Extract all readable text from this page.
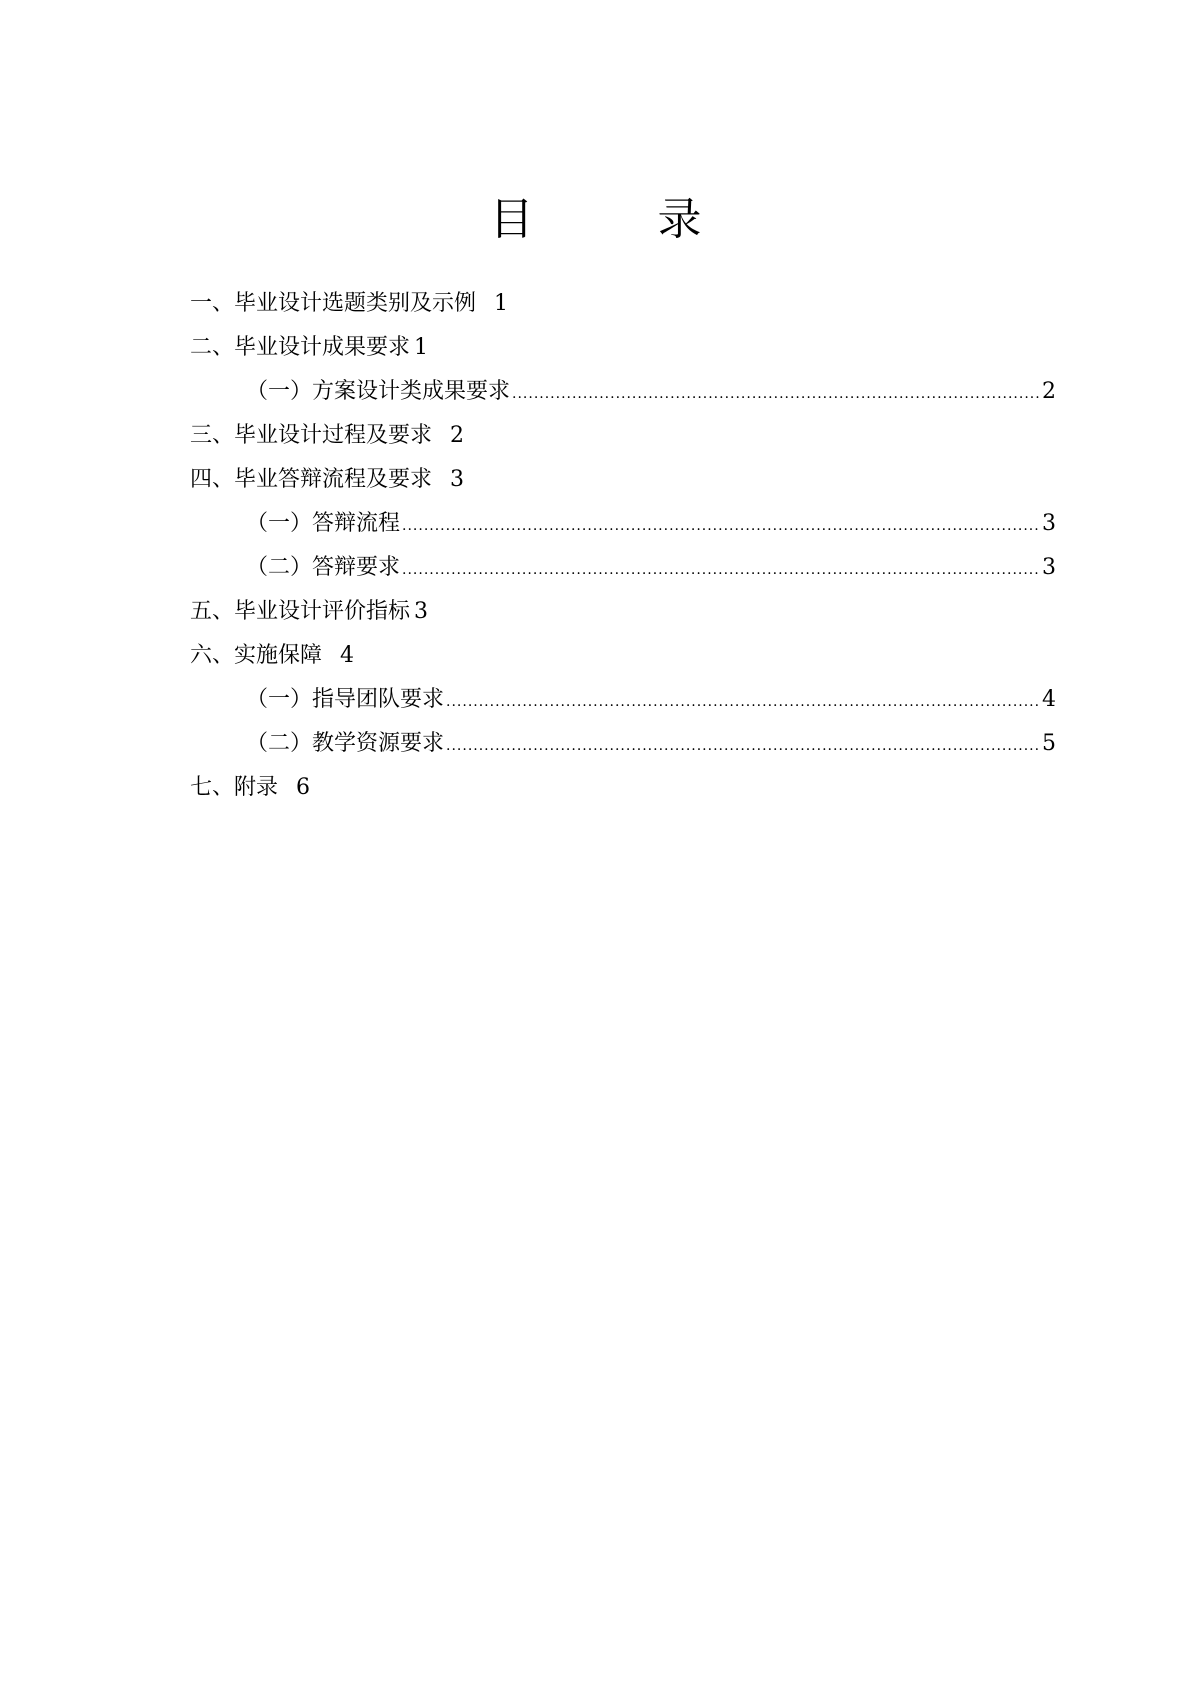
目　录
一、毕业设计选题类别及示例 1
二、毕业设计成果要求 1
（一）方案设计类成果要求 .....	2
三、毕业设计过程及要求 2
四、毕业答辩流程及要求 3
（一）答辩流程 .....	3
（二）答辩要求 .....	3
五、毕业设计评价指标 3
六、实施保障 4
（一）指导团队要求 .....	4
（二）教学资源要求 .....	5
七、附录 6
